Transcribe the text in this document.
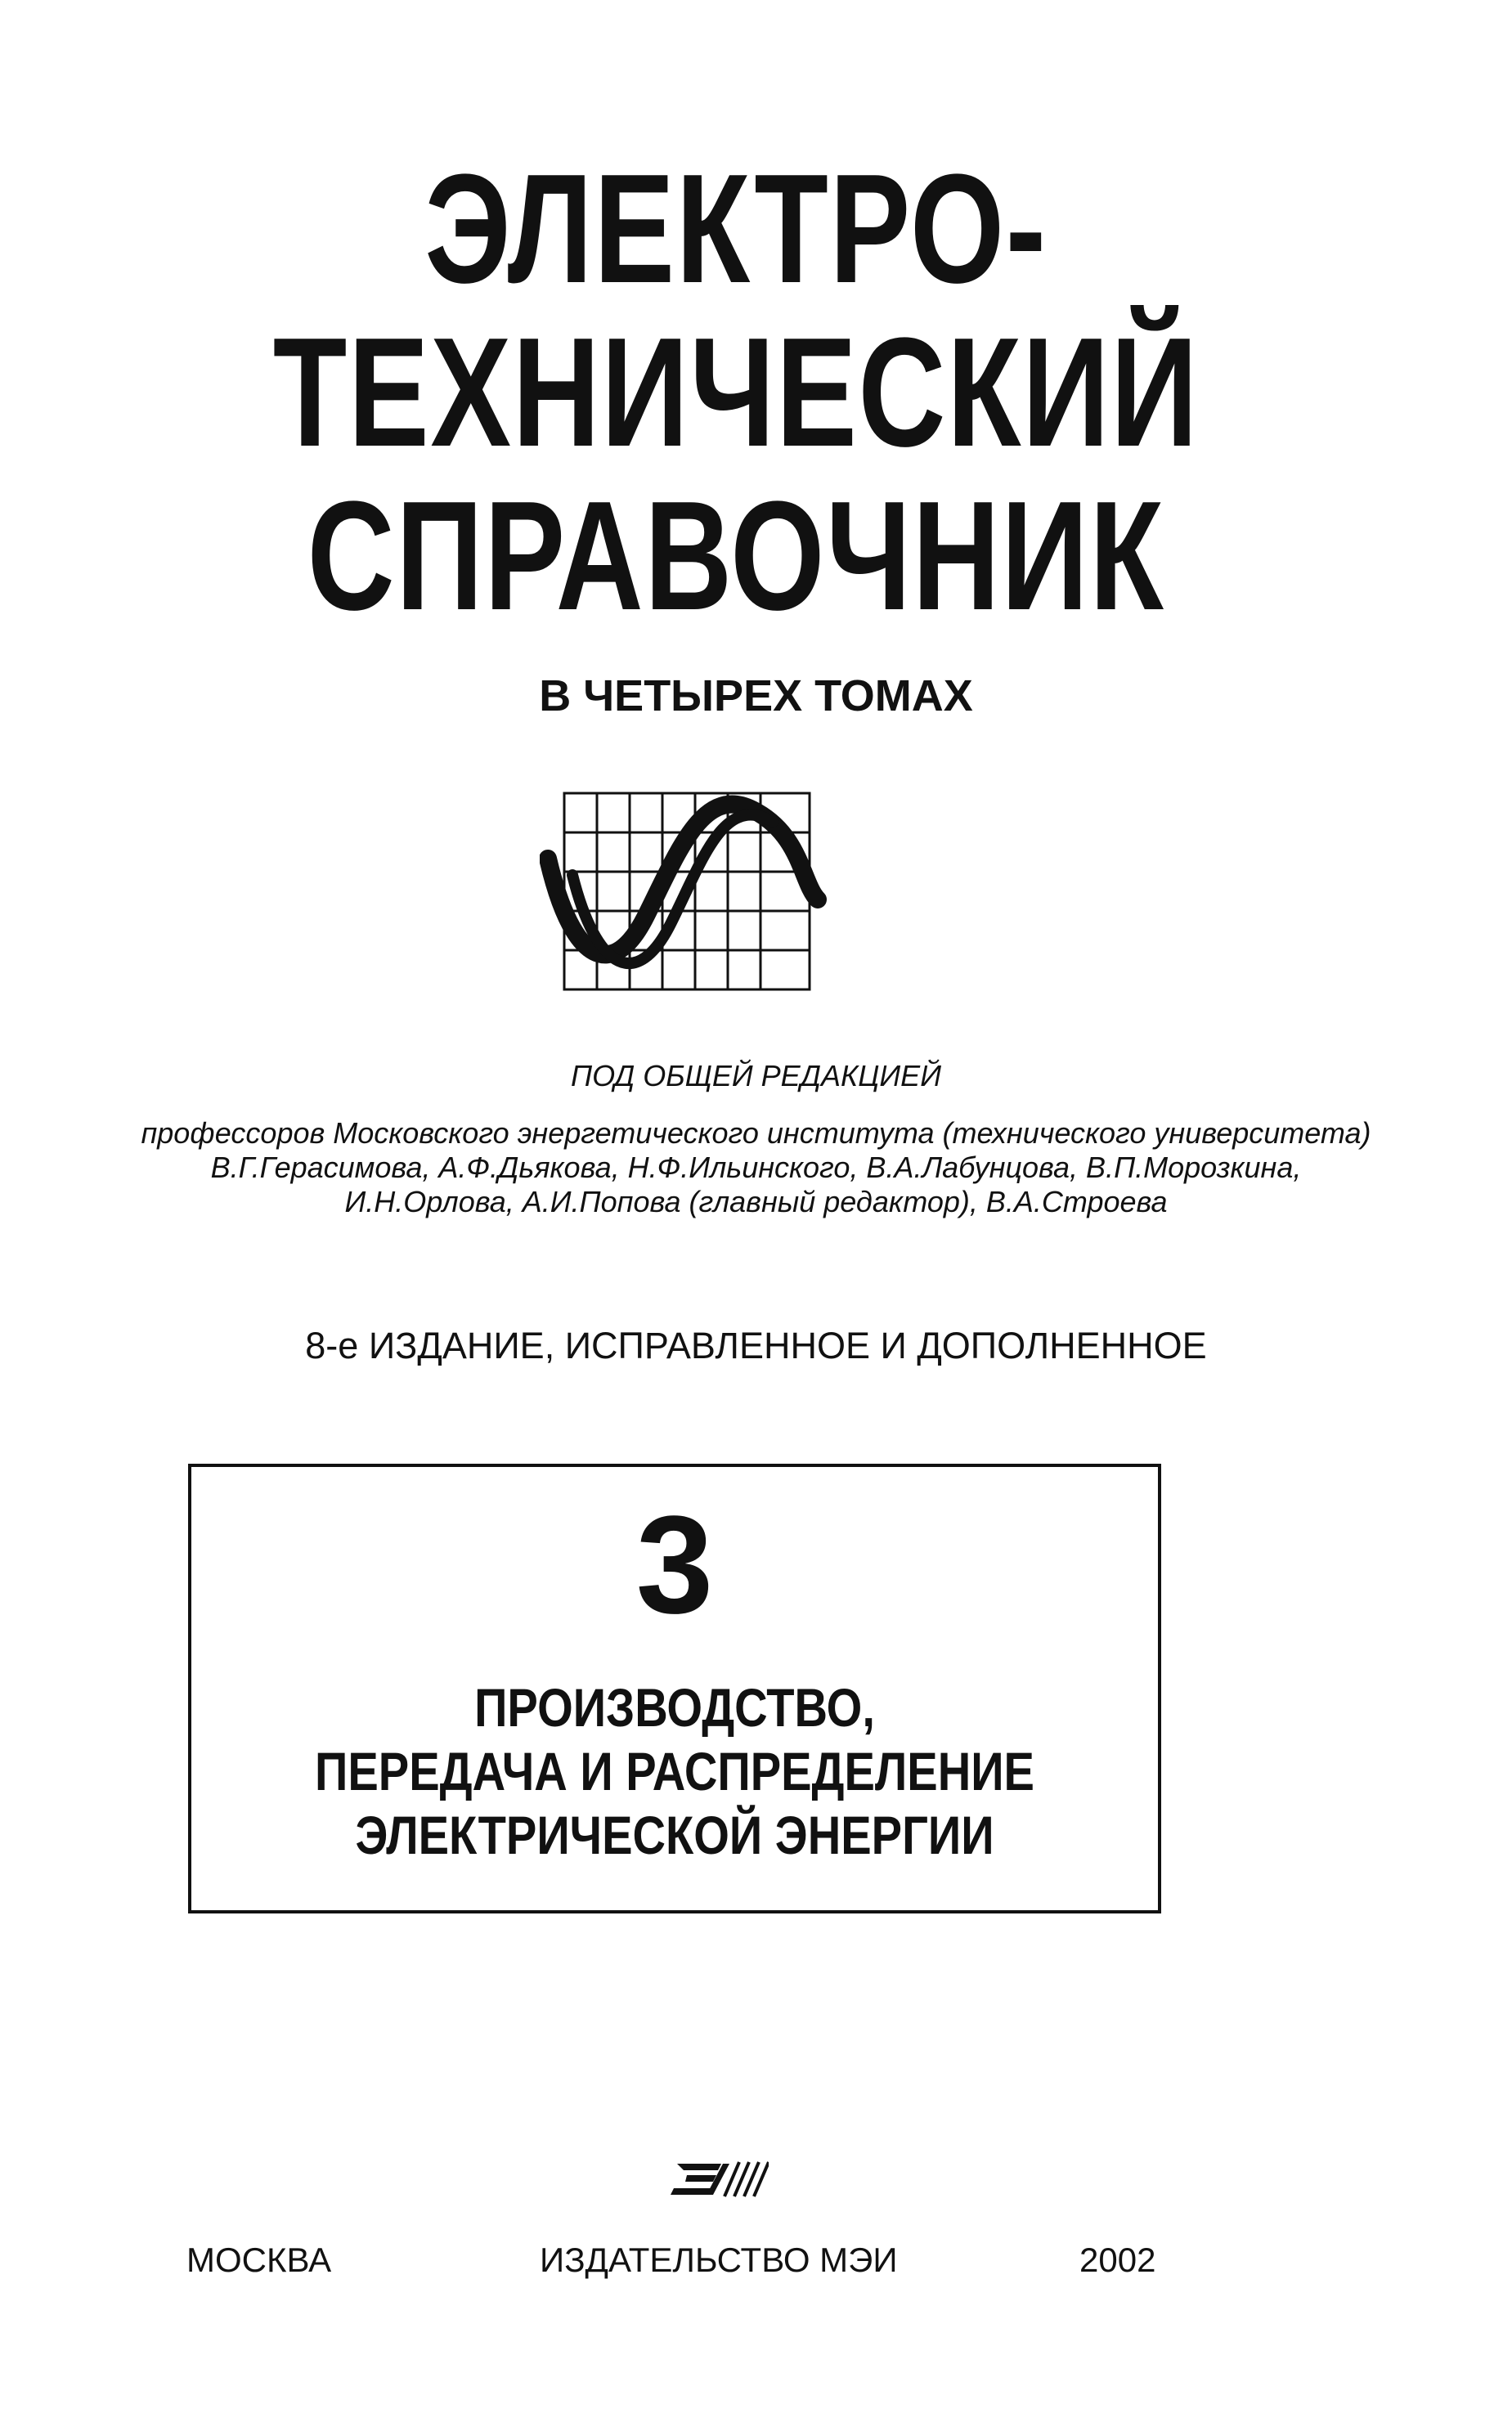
ЭЛЕКТРО-
ТЕХНИЧЕСКИЙ
СПРАВОЧНИК
В ЧЕТЫРЕХ ТОМАХ
ПОД ОБЩЕЙ РЕДАКЦИЕЙ
профессоров Московского энергетического института (технического университета)
В.Г.Герасимова, А.Ф.Дьякова, Н.Ф.Ильинского, В.А.Лабунцова, В.П.Морозкина,
И.Н.Орлова, А.И.Попова (главный редактор), В.А.Строева
8-е ИЗДАНИЕ, ИСПРАВЛЕННОЕ И ДОПОЛНЕННОЕ
3
ПРОИЗВОДСТВО,
ПЕРЕДАЧА И РАСПРЕДЕЛЕНИЕ
ЭЛЕКТРИЧЕСКОЙ ЭНЕРГИИ
МОСКВА	ИЗДАТЕЛЬСТВО МЭИ	2002
